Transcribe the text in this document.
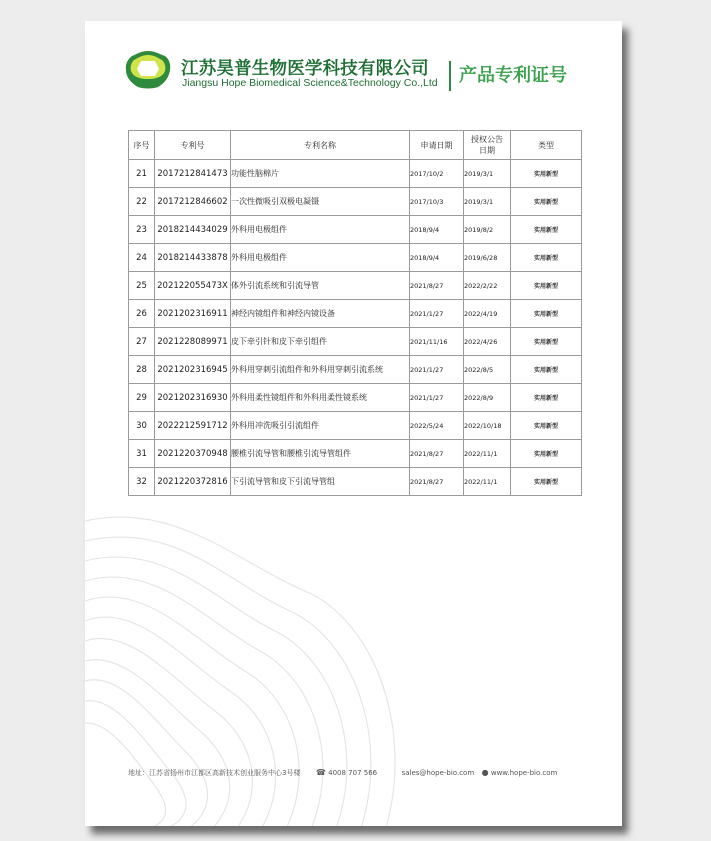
江苏昊普生物医学科技有限公司
Jiangsu Hope Biomedical Science&Technology Co.,Ltd 产品专利证号
序号	专利号	专利名称	申请日期	授权公告日期	类型
21	2017212841473	功能性脑棉片	2017/10/2	2019/3/1	实用新型
22	2017212846602	一次性微吸引双极电凝镊	2017/10/3	2019/3/1	实用新型
23	2018214434029	外科用电极组件	2018/9/4	2019/8/2	实用新型
24	2018214433878	外科用电极组件	2018/9/4	2019/6/28	实用新型
25	202122055473X	体外引流系统和引流导管	2021/8/27	2022/2/22	实用新型
26	2021202316911	神经内镜组件和神经内镜设备	2021/1/27	2022/4/19	实用新型
27	2021228089971	皮下牵引针和皮下牵引组件	2021/11/16	2022/4/26	实用新型
28	2021202316945	外科用穿刺引流组件和外科用穿刺引流系统	2021/1/27	2022/8/5	实用新型
29	2021202316930	外科用柔性镜组件和外科用柔性镜系统	2021/1/27	2022/8/9	实用新型
30	2022212591712	外科用冲洗吸引引流组件	2022/5/24	2022/10/18	实用新型
31	2021220370948	腰椎引流导管和腰椎引流导管组件	2021/8/27	2022/11/1	实用新型
32	2021220372816	下引流导管和皮下引流导管组	2021/8/27	2022/11/1	实用新型
地址：江苏省扬州市江都区高新技术创业服务中心3号楼 ☎ 4008 707 566	sales@hope-bio.com ● www.hope-bio.com
